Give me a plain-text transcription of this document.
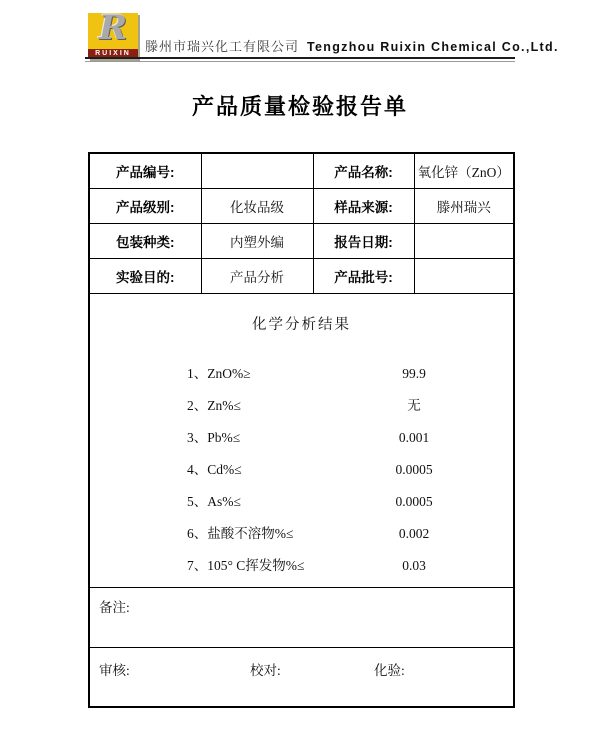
R
RUIXIN	滕州市瑞兴化工有限公司 Tengzhou Ruixin Chemical Co.,Ltd.
产品质量检验报告单
产品编号:		产品名称:	氧化锌（ZnO）
产品级别:	化妆品级	样品来源:	滕州瑞兴
包装种类:	内塑外编	报告日期:	
实验目的:	产品分析	产品批号:	

化学分析结果
1、ZnO%≥	99.9
2、Zn%≤	无
3、Pb%≤	0.001
4、Cd%≤	0.0005
5、As%≤	0.0005
6、盐酸不溶物%≤	0.002
7、105° C挥发物%≤	0.03

备注:			

审核: 校对: 化验:			
